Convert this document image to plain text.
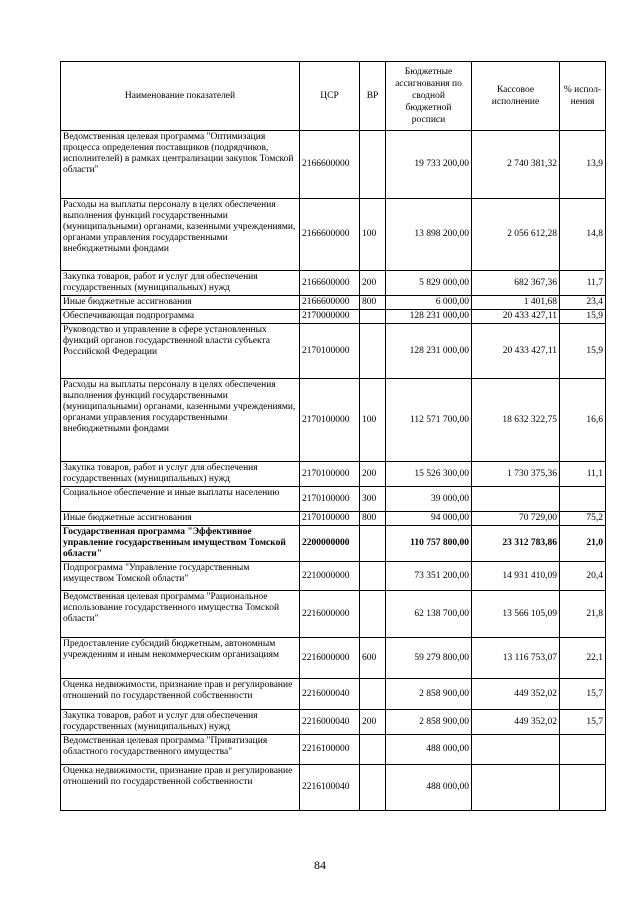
Наименование показателей	ЦСР	ВР	Бюджетные ассигнования по сводной бюджетной росписи	Кассовое исполнение	% испол-нения
Ведомственная целевая программа "Оптимизация процесса определения поставщиков (подрядчиков, исполнителей) в рамках централизации закупок Томской области"	2166600000		19 733 200,00	2 740 381,32	13,9
Расходы на выплаты персоналу в целях обеспечения выполнения функций государственными (муниципальными) органами, казенными учреждениями, органами управления государственными внебюджетными фондами	2166600000	100	13 898 200,00	2 056 612,28	14,8
Закупка товаров, работ и услуг для обеспечения государственных (муниципальных) нужд	2166600000	200	5 829 000,00	682 367,36	11,7
Иные бюджетные ассигнования	2166600000	800	6 000,00	1 401,68	23,4
Обеспечивающая подпрограмма	2170000000		128 231 000,00	20 433 427,11	15,9
Руководство и управление в сфере установленных функций органов государственной власти субъекта Российской Федерации	2170100000		128 231 000,00	20 433 427,11	15,9
Расходы на выплаты персоналу в целях обеспечения выполнения функций государственными (муниципальными) органами, казенными учреждениями, органами управления государственными внебюджетными фондами	2170100000	100	112 571 700,00	18 632 322,75	16,6
Закупка товаров, работ и услуг для обеспечения государственных (муниципальных) нужд	2170100000	200	15 526 300,00	1 730 375,36	11,1
Социальное обеспечение и иные выплаты населению	2170100000	300	39 000,00		
Иные бюджетные ассигнования	2170100000	800	94 000,00	70 729,00	75,2
Государственная программа "Эффективное управление государственным имуществом Томской области"	2200000000		110 757 800,00	23 312 783,86	21,0
Подпрограмма "Управление государственным имуществом Томской области"	2210000000		73 351 200,00	14 931 410,09	20,4
Ведомственная целевая программа "Рациональное использование государственного имущества Томской области"	2216000000		62 138 700,00	13 566 105,09	21,8
Предоставление субсидий бюджетным, автономным учреждениям и иным некоммерческим организациям	2216000000	600	59 279 800,00	13 116 753,07	22,1
Оценка недвижимости, признание прав и регулирование отношений по государственной собственности	2216000040		2 858 900,00	449 352,02	15,7
Закупка товаров, работ и услуг для обеспечения государственных (муниципальных) нужд	2216000040	200	2 858 900,00	449 352,02	15,7
Ведомственная целевая программа "Приватизация областного государственного имущества"	2216100000		488 000,00		
Оценка недвижимости, признание прав и регулирование отношений по государственной собственности	2216100040		488 000,00		
84
